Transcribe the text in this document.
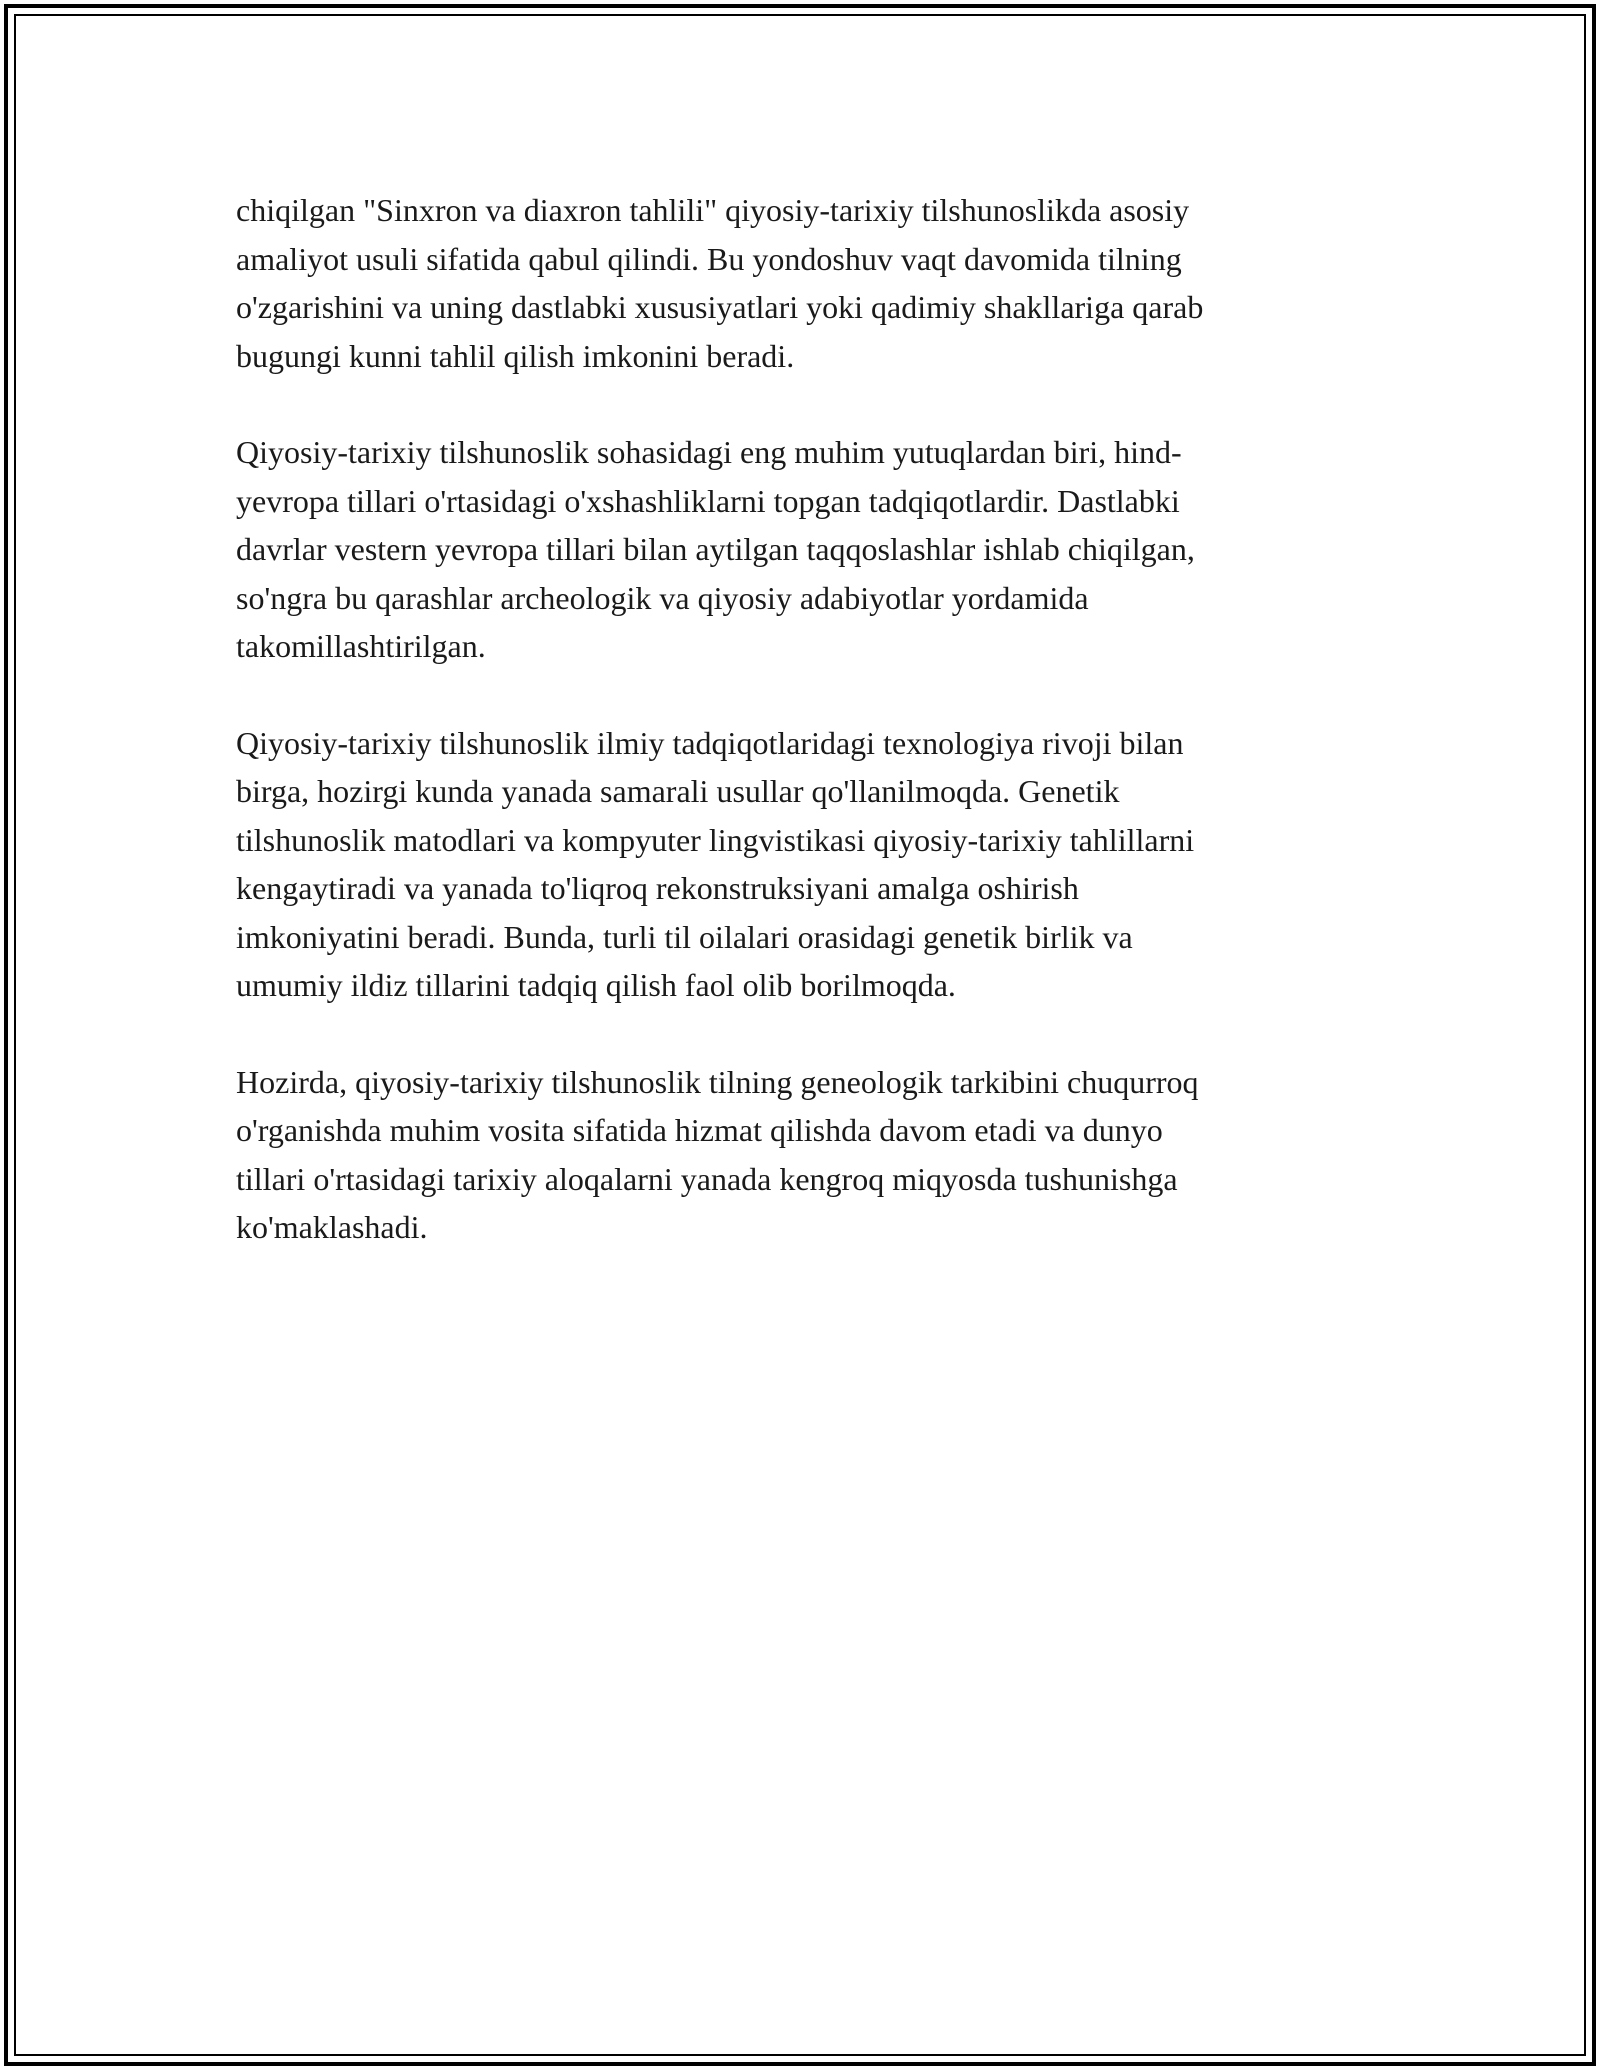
chiqilgan "Sinxron va diaxron tahlili" qiyosiy-tarixiy tilshunoslikda asosiy
amaliyot usuli sifatida qabul qilindi. Bu yondoshuv vaqt davomida tilning
o'zgarishini va uning dastlabki xususiyatlari yoki qadimiy shakllariga qarab
bugungi kunni tahlil qilish imkonini beradi.

Qiyosiy-tarixiy tilshunoslik sohasidagi eng muhim yutuqlardan biri, hind-
yevropa tillari o'rtasidagi o'xshashliklarni topgan tadqiqotlardir. Dastlabki
davrlar vestern yevropa tillari bilan aytilgan taqqoslashlar ishlab chiqilgan,
so'ngra bu qarashlar archeologik va qiyosiy adabiyotlar yordamida
takomillashtirilgan.

Qiyosiy-tarixiy tilshunoslik ilmiy tadqiqotlaridagi texnologiya rivoji bilan
birga, hozirgi kunda yanada samarali usullar qo'llanilmoqda. Genetik
tilshunoslik matodlari va kompyuter lingvistikasi qiyosiy-tarixiy tahlillarni
kengaytiradi va yanada to'liqroq rekonstruksiyani amalga oshirish
imkoniyatini beradi. Bunda, turli til oilalari orasidagi genetik birlik va
umumiy ildiz tillarini tadqiq qilish faol olib borilmoqda.

Hozirda, qiyosiy-tarixiy tilshunoslik tilning geneologik tarkibini chuqurroq
o'rganishda muhim vosita sifatida hizmat qilishda davom etadi va dunyo
tillari o'rtasidagi tarixiy aloqalarni yanada kengroq miqyosda tushunishga
ko'maklashadi.
